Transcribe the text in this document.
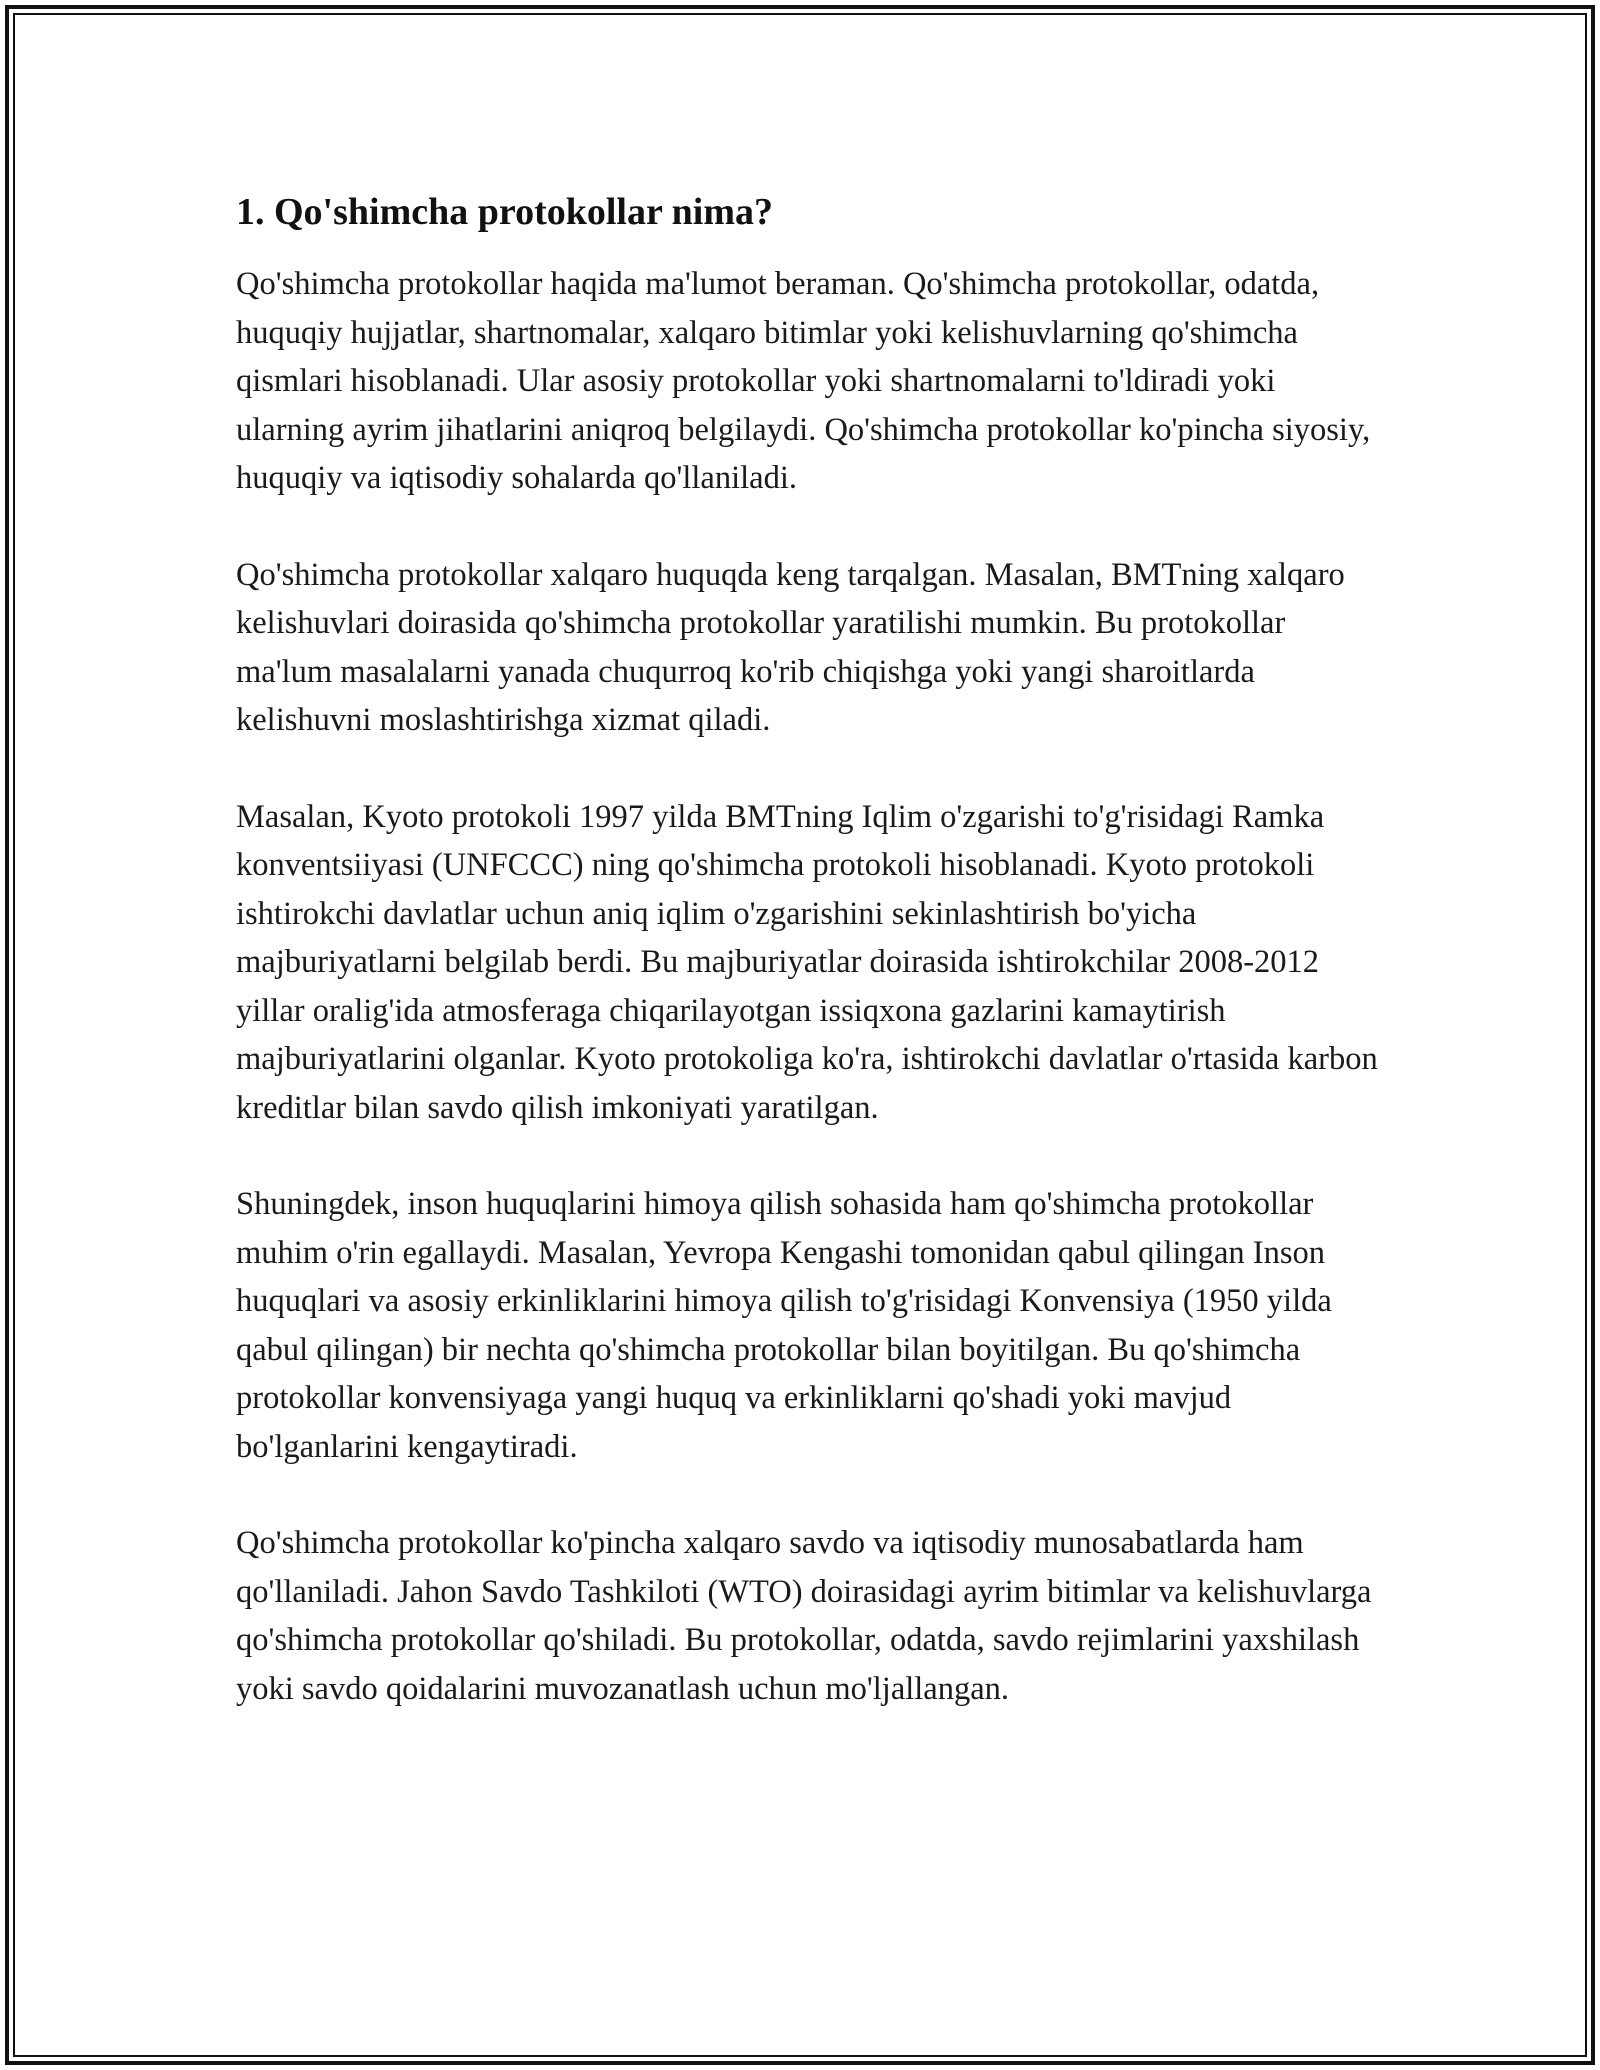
1. Qo'shimcha protokollar nima?

Qo'shimcha protokollar haqida ma'lumot beraman. Qo'shimcha protokollar, odatda, huquqiy hujjatlar, shartnomalar, xalqaro bitimlar yoki kelishuvlarning qo'shimcha qismlari hisoblanadi. Ular asosiy protokollar yoki shartnomalarni to'ldiradi yoki ularning ayrim jihatlarini aniqroq belgilaydi. Qo'shimcha protokollar ko'pincha siyosiy, huquqiy va iqtisodiy sohalarda qo'llaniladi.

Qo'shimcha protokollar xalqaro huquqda keng tarqalgan. Masalan, BMTning xalqaro kelishuvlari doirasida qo'shimcha protokollar yaratilishi mumkin. Bu protokollar ma'lum masalalarni yanada chuqurroq ko'rib chiqishga yoki yangi sharoitlarda kelishuvni moslashtirishga xizmat qiladi.

Masalan, Kyoto protokoli 1997 yilda BMTning Iqlim o'zgarishi to'g'risidagi Ramka konventsiiyasi (UNFCCC) ning qo'shimcha protokoli hisoblanadi. Kyoto protokoli ishtirokchi davlatlar uchun aniq iqlim o'zgarishini sekinlashtirish bo'yicha majburiyatlarni belgilab berdi. Bu majburiyatlar doirasida ishtirokchilar 2008-2012 yillar oralig'ida atmosferaga chiqarilayotgan issiqxona gazlarini kamaytirish majburiyatlarini olganlar. Kyoto protokoliga ko'ra, ishtirokchi davlatlar o'rtasida karbon kreditlar bilan savdo qilish imkoniyati yaratilgan.

Shuningdek, inson huquqlarini himoya qilish sohasida ham qo'shimcha protokollar muhim o'rin egallaydi. Masalan, Yevropa Kengashi tomonidan qabul qilingan Inson huquqlari va asosiy erkinliklarini himoya qilish to'g'risidagi Konvensiya (1950 yilda qabul qilingan) bir nechta qo'shimcha protokollar bilan boyitilgan. Bu qo'shimcha protokollar konvensiyaga yangi huquq va erkinliklarni qo'shadi yoki mavjud bo'lganlarini kengaytiradi.

Qo'shimcha protokollar ko'pincha xalqaro savdo va iqtisodiy munosabatlarda ham qo'llaniladi. Jahon Savdo Tashkiloti (WTO) doirasidagi ayrim bitimlar va kelishuvlarga qo'shimcha protokollar qo'shiladi. Bu protokollar, odatda, savdo rejimlarini yaxshilash yoki savdo qoidalarini muvozanatlash uchun mo'ljallangan.
